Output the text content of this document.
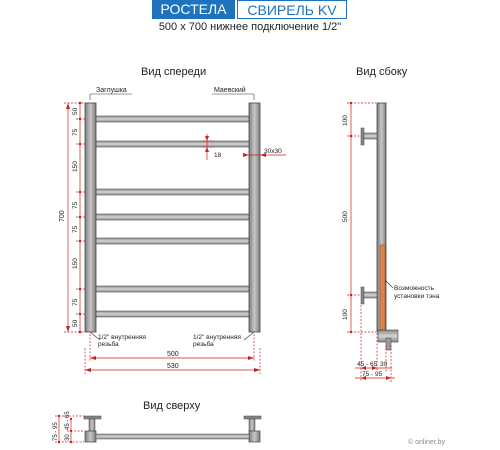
РОСТЕЛА	СВИРЕЛЬ KV
500 х 700 нижнее подключение 1/2"
Вид спереди	Вид сбоку
Вид сверху
Заглушка	Маевский
700
50
75
150
75
75
150
75
50
18
30x30
1/2" внутренняя
резьба
1/2" внутренняя
резьба
500
530
Возможность
установки тэна
100
500
100
45 - 65 30
75 - 95
75 - 95 30
45 - 65
© onliner.by
